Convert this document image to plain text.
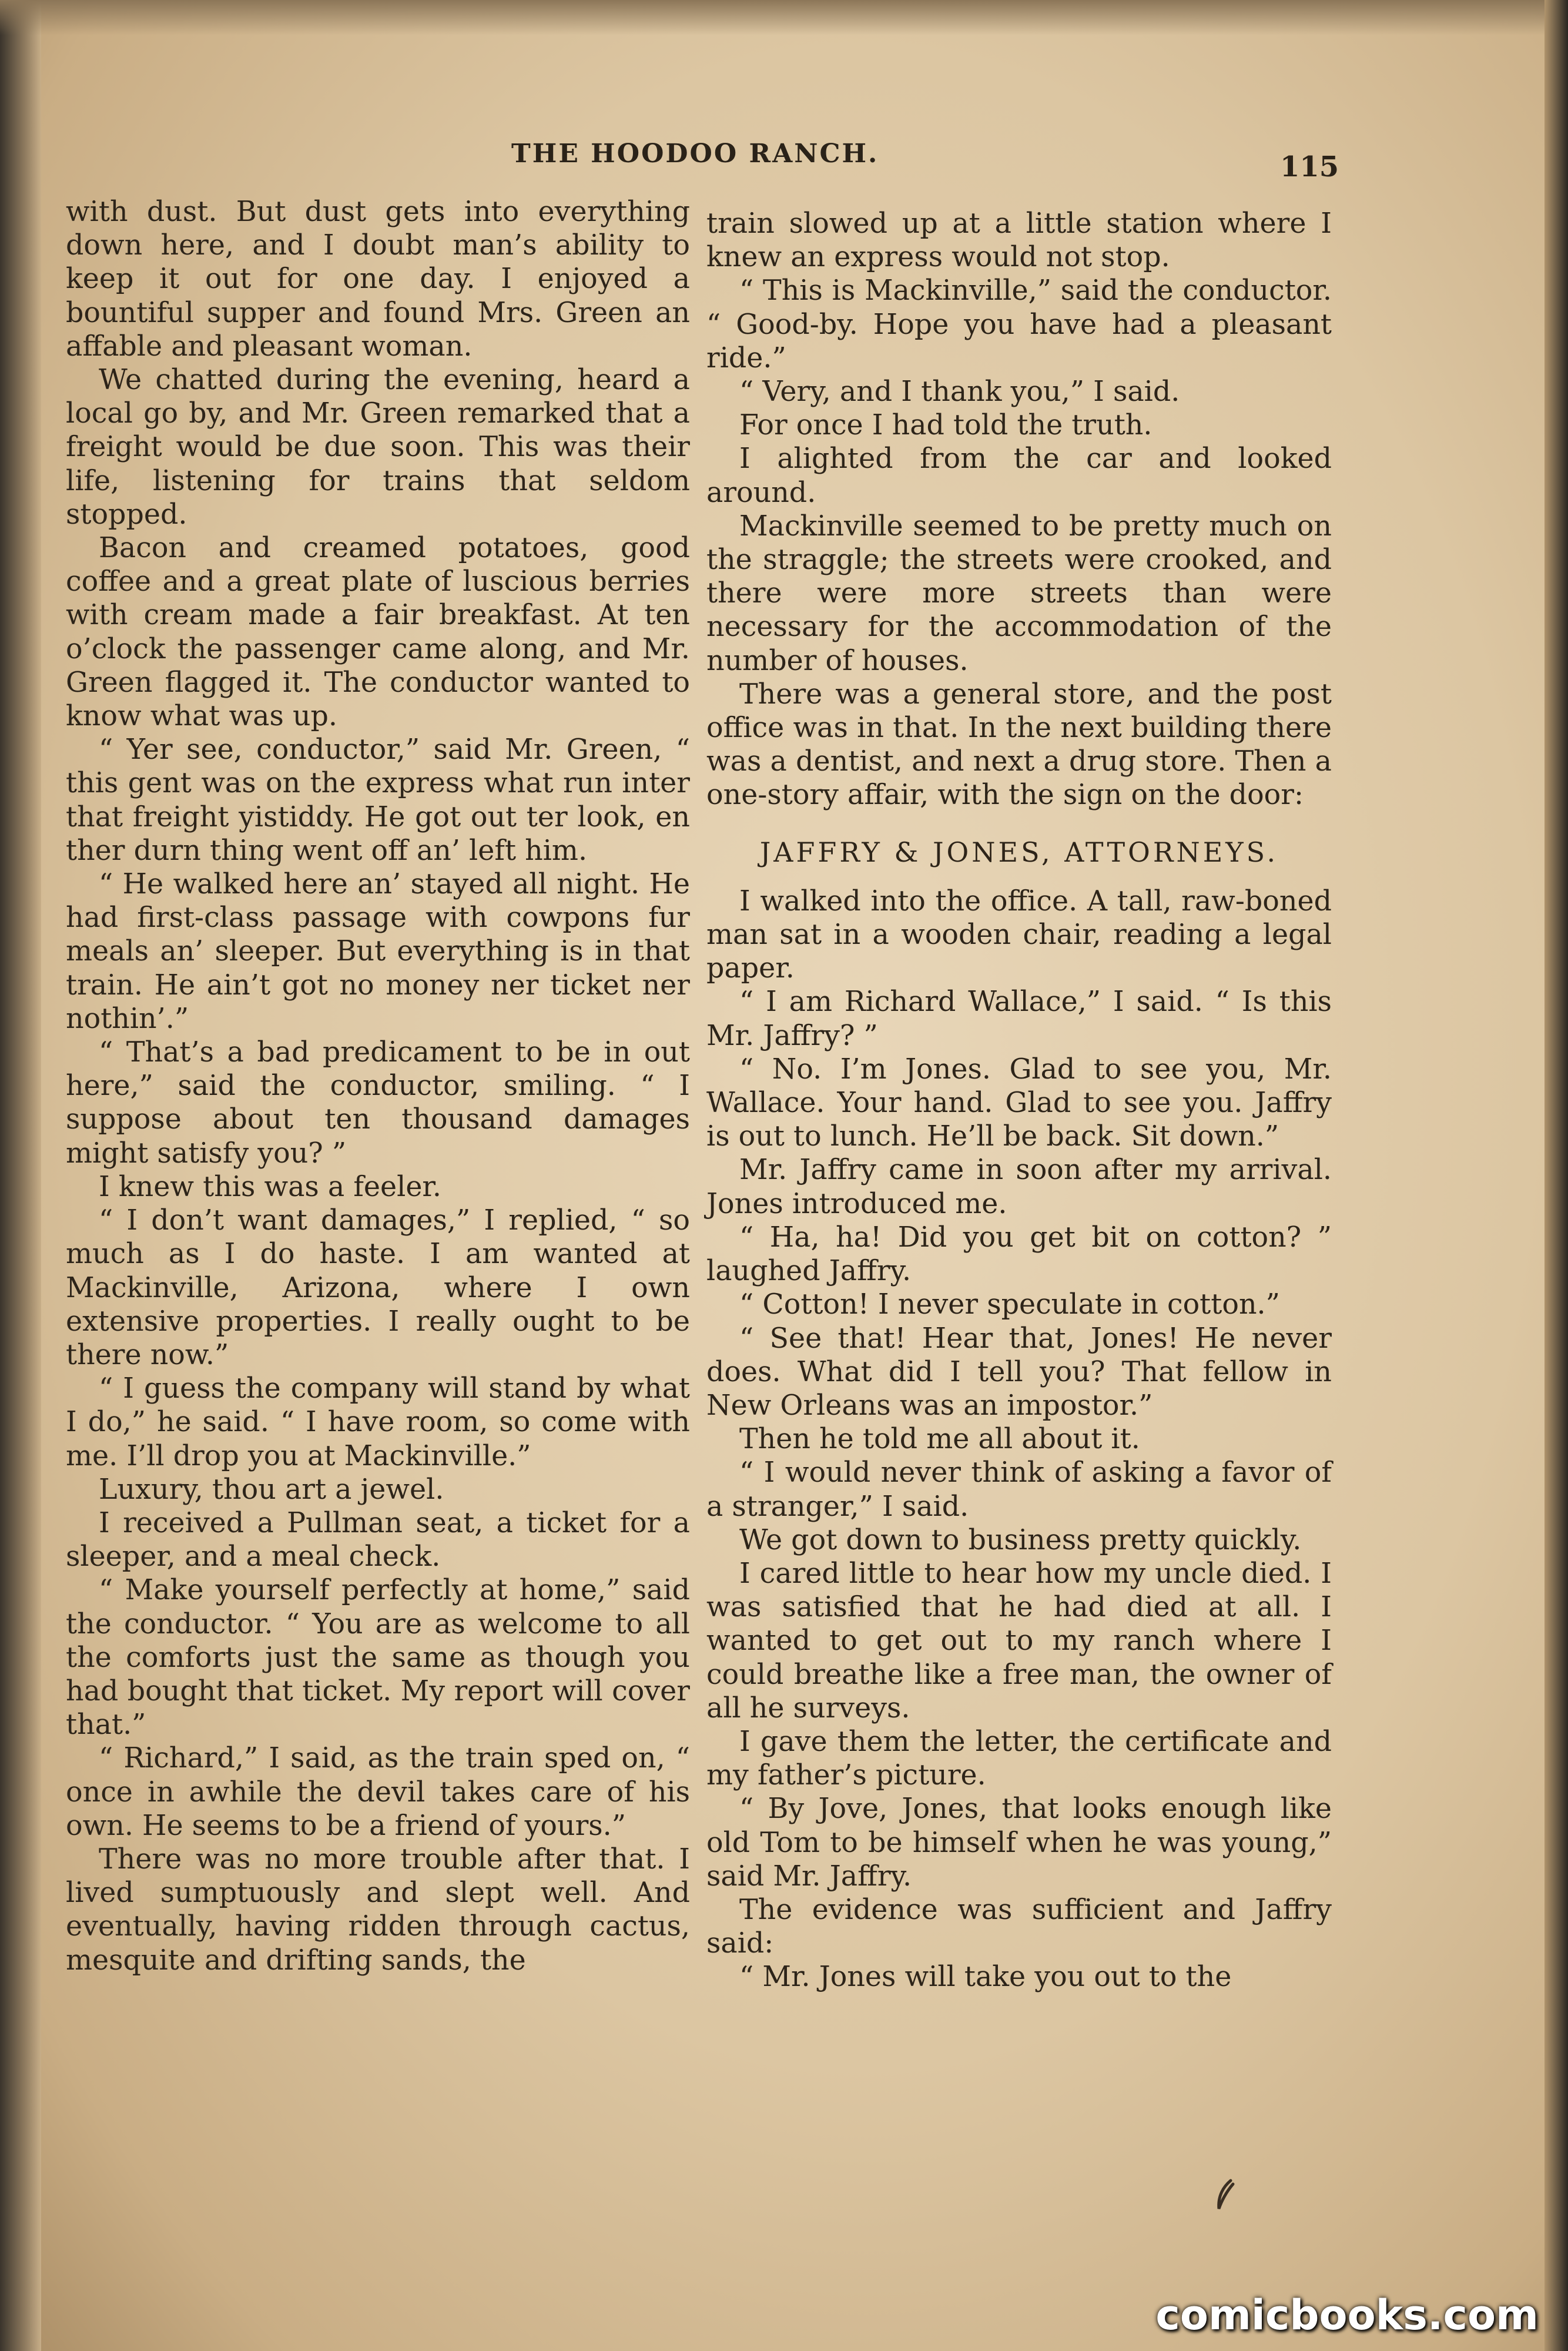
THE HOODOO RANCH.	115

with dust. But dust gets into everything down here, and I doubt man’s ability to keep it out for one day. I enjoyed a bountiful supper and found Mrs. Green an affable and pleasant woman.

We chatted during the evening, heard a local go by, and Mr. Green remarked that a freight would be due soon. This was their life, listening for trains that seldom stopped.

Bacon and creamed potatoes, good coffee and a great plate of luscious berries with cream made a fair breakfast. At ten o’clock the passenger came along, and Mr. Green flagged it. The conductor wanted to know what was up.

“ Yer see, conductor,” said Mr. Green, “ this gent was on the express what run inter that freight yistiddy. He got out ter look, en ther durn thing went off an’ left him.

“ He walked here an’ stayed all night. He had first-class passage with cowpons fur meals an’ sleeper. But everything is in that train. He ain’t got no money ner ticket ner nothin’.”

“ That’s a bad predicament to be in out here,” said the conductor, smiling. “ I suppose about ten thousand damages might satisfy you? ”

I knew this was a feeler.

“ I don’t want damages,” I replied, “ so much as I do haste. I am wanted at Mackinville, Arizona, where I own extensive properties. I really ought to be there now.”

“ I guess the company will stand by what I do,” he said. “ I have room, so come with me. I’ll drop you at Mackinville.”

Luxury, thou art a jewel.

I received a Pullman seat, a ticket for a sleeper, and a meal check.

“ Make yourself perfectly at home,” said the conductor. “ You are as welcome to all the comforts just the same as though you had bought that ticket. My report will cover that.”

“ Richard,” I said, as the train sped on, “ once in awhile the devil takes care of his own. He seems to be a friend of yours.”

There was no more trouble after that. I lived sumptuously and slept well. And eventually, having ridden through cactus, mesquite and drifting sands, the

train slowed up at a little station where I knew an express would not stop.

“ This is Mackinville,” said the conductor. “ Good-by. Hope you have had a pleasant ride.”

“ Very, and I thank you,” I said.

For once I had told the truth.

I alighted from the car and looked around.

Mackinville seemed to be pretty much on the straggle; the streets were crooked, and there were more streets than were necessary for the accommodation of the number of houses.

There was a general store, and the post office was in that. In the next building there was a dentist, and next a drug store. Then a one-story affair, with the sign on the door:

JAFFRY & JONES, ATTORNEYS.

I walked into the office. A tall, raw-boned man sat in a wooden chair, reading a legal paper.

“ I am Richard Wallace,” I said. “ Is this Mr. Jaffry? ”

“ No. I’m Jones. Glad to see you, Mr. Wallace. Your hand. Glad to see you. Jaffry is out to lunch. He’ll be back. Sit down.”

Mr. Jaffry came in soon after my arrival. Jones introduced me.

“ Ha, ha! Did you get bit on cotton? ” laughed Jaffry.

“ Cotton! I never speculate in cotton.”

“ See that! Hear that, Jones! He never does. What did I tell you? That fellow in New Orleans was an impostor.”

Then he told me all about it.

“ I would never think of asking a favor of a stranger,” I said.

We got down to business pretty quickly.

I cared little to hear how my uncle died. I was satisfied that he had died at all. I wanted to get out to my ranch where I could breathe like a free man, the owner of all he surveys.

I gave them the letter, the certificate and my father’s picture.

“ By Jove, Jones, that looks enough like old Tom to be himself when he was young,” said Mr. Jaffry.

The evidence was sufficient and Jaffry said:

“ Mr. Jones will take you out to the

comicbooks.com
